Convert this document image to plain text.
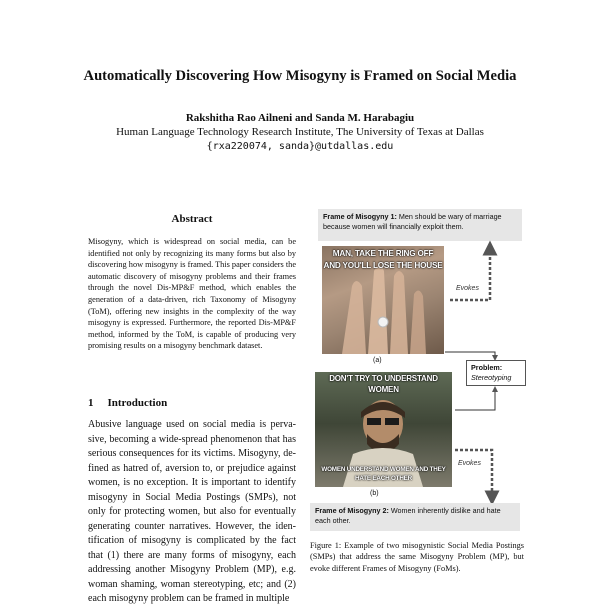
Automatically Discovering How Misogyny is Framed on Social Media
Rakshitha Rao Ailneni and Sanda M. Harabagiu
Human Language Technology Research Institute, The University of Texas at Dallas
{rxa220074, sanda}@utdallas.edu
Abstract
Misogyny, which is widespread on social media, can be identified not only by recognizing its many forms but also by discovering how misogyny is framed. This paper considers the automatic discovery of misogyny problems and their frames through the novel Dis-MP&F method, which enables the generation of a data-driven, rich Taxonomy of Misogyny (ToM), offering new insights in the complexity of the way misogyny is expressed. Furthermore, the reported Dis-MP&F method, informed by the ToM, is capable of producing very promising results on a misogyny benchmark dataset.
1 Introduction
Abusive language used on social media is perva-
sive, becoming a wide-spread phenomenon that has
serious consequences for its victims. Misogyny, de-
fined as hatred of, aversion to, or prejudice against
women, is no exception. It is important to identify
misogyny in Social Media Postings (SMPs), not
only for protecting women, but also for eventually
generating counter narratives. However, the iden-
tification of misogyny is complicated by the fact
that (1) there are many forms of misogyny, each
addressing another Misogyny Problem (MP), e.g.
woman shaming, woman stereotyping, etc; and (2)
each misogyny problem can be framed in multiple
Frame of Misogyny 1: Men should be wary of marriage because women will financially exploit them.
MAN, TAKE THE RING OFF
AND YOU'LL LOSE THE HOUSE
(a)
DON'T TRY TO UNDERSTAND
WOMEN
WOMEN UNDERSTAND WOMEN AND THEY
HATE EACH OTHER
(b)
Problem:
Stereotyping
Evokes
Evokes
Frame of Misogyny 2: Women inherently dislike and hate each other.
Figure 1: Example of two misogynistic Social Media Postings (SMPs) that address the same Misogyny Problem (MP), but evoke different Frames of Misogyny (FoMs).
